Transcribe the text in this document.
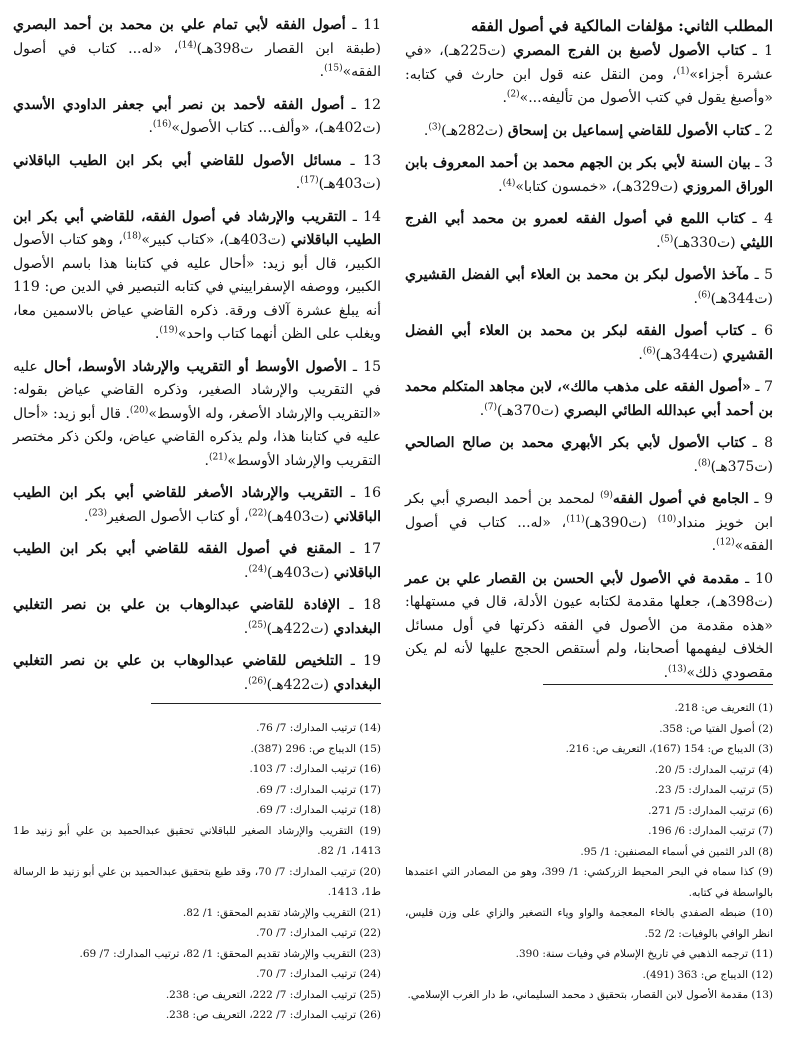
المطلب الثاني: مؤلفات المالكية في أصول الفقه

1 ـ كتاب الأصول لأصبغ بن الفرج المصري (ت225هـ)، «في عشرة أجزاء»$^{(1)}$، ومن النقل عنه قول ابن حارث في كتابه: «وأصبغ يقول في كتب الأصول من تأليفه...»$^{(2)}$.

2 ـ كتاب الأصول للقاضي إسماعيل بن إسحاق (ت282هـ)$^{(3)}$.

3 ـ بيان السنة لأبي بكر بن الجهم محمد بن أحمد المعروف بابن الوراق المروزي (ت329هـ)، «خمسون كتابا»$^{(4)}$.

4 ـ كتاب اللمع في أصول الفقه لعمرو بن محمد أبي الفرج الليثي (ت330هـ)$^{(5)}$.

5 ـ مآخذ الأصول لبكر بن محمد بن العلاء أبي الفضل القشيري (ت344هـ)$^{(6)}$.

6 ـ كتاب أصول الفقه لبكر بن محمد بن العلاء أبي الفضل القشيري (ت344هـ)$^{(6)}$.

7 ـ «أصول الفقه على مذهب مالك»، لابن مجاهد المتكلم محمد بن أحمد أبي عبدالله الطائي البصري (ت370هـ)$^{(7)}$.

8 ـ كتاب الأصول لأبي بكر الأبهري محمد بن صالح الصالحي (ت375هـ)$^{(8)}$.

9 ـ الجامع في أصول الفقه$^{(9)}$ لمحمد بن أحمد البصري أبي بكر ابن خويز منداد$^{(10)}$ (ت390هـ)$^{(11)}$، «له... كتاب في أصول الفقه»$^{(12)}$.

10 ـ مقدمة في الأصول لأبي الحسن بن القصار علي بن عمر (ت398هـ)، جعلها مقدمة لكتابه عيون الأدلة، قال في مستهلها: «هذه مقدمة من الأصول في الفقه ذكرتها في أول مسائل الخلاف ليفهمها أصحابنا، ولم أستقص الحجج عليها لأنه لم يكن مقصودي ذلك»$^{(13)}$.

11 ـ أصول الفقه لأبي تمام علي بن محمد بن أحمد البصري (طبقة ابن القصار ت398هـ)$^{(14)}$، «له... كتاب في أصول الفقه»$^{(15)}$.

12 ـ أصول الفقه لأحمد بن نصر أبي جعفر الداودي الأسدي (ت402هـ)، «وألف... كتاب الأصول»$^{(16)}$.

13 ـ مسائل الأصول للقاضي أبي بكر ابن الطيب الباقلاني (ت403هـ)$^{(17)}$.

14 ـ التقريب والإرشاد في أصول الفقه، للقاضي أبي بكر ابن الطيب الباقلاني (ت403هـ)، «كتاب كبير»$^{(18)}$، وهو كتاب الأصول الكبير، قال أبو زيد: «أحال عليه في كتابنا هذا باسم الأصول الكبير، ووصفه الإسفراييني في كتابه التبصير في الدين ص: 119 أنه يبلغ عشرة آلاف ورقة. ذكره القاضي عياض بالاسمين معا، ويغلب على الظن أنهما كتاب واحد»$^{(19)}$.

15 ـ الأصول الأوسط أو التقريب والإرشاد الأوسط، أحال عليه في التقريب والإرشاد الصغير، وذكره القاضي عياض بقوله: «التقريب والإرشاد الأصغر، وله الأوسط»$^{(20)}$. قال أبو زيد: «أحال عليه في كتابنا هذا، ولم يذكره القاضي عياض، ولكن ذكر مختصر التقريب والإرشاد الأوسط»$^{(21)}$.

16 ـ التقريب والإرشاد الأصغر للقاضي أبي بكر ابن الطيب الباقلاني (ت403هـ)$^{(22)}$، أو كتاب الأصول الصغير$^{(23)}$.

17 ـ المقنع في أصول الفقه للقاضي أبي بكر ابن الطيب الباقلاني (ت403هـ)$^{(24)}$.

18 ـ الإفادة للقاضي عبدالوهاب بن علي بن نصر التغلبي البغدادي (ت422هـ)$^{(25)}$.

19 ـ التلخيص للقاضي عبدالوهاب بن علي بن نصر التغلبي البغدادي (ت422هـ)$^{(26)}$.

(1) التعريف ص: 218.

(2) أصول الفتيا ص: 358.

(3) الديباج ص: 154 (167)، التعريف ص: 216.

(4) ترتيب المدارك: 5/ 20.

(5) ترتيب المدارك: 5/ 23.

(6) ترتيب المدارك: 5/ 271.

(7) ترتيب المدارك: 6/ 196.

(8) الدر الثمين في أسماء المصنفين: 1/ 95.

(9) كذا سماه في البحر المحيط الزركشي: 1/ 399، وهو من المصادر التي اعتمدها بالواسطة في كتابه.

(10) ضبطه الصفدي بالخاء المعجمة والواو وياء التصغير والزاي على وزن فليس، انظر الوافي بالوفيات: 2/ 52.

(11) ترجمه الذهبي في تاريخ الإسلام في وفيات سنة: 390.

(12) الديباج ص: 363 (491).

(13) مقدمة الأصول لابن القصار، بتحقيق د محمد السليماني، ط دار الغرب الإسلامي.

(14) ترتيب المدارك: 7/ 76.

(15) الديباج ص: 296 (387).

(16) ترتيب المدارك: 7/ 103.

(17) ترتيب المدارك: 7/ 69.

(18) ترتيب المدارك: 7/ 69.

(19) التقريب والإرشاد الصغير للباقلاني تحقيق عبدالحميد بن علي أبو زنيد ط1 1413، 1/ 82.

(20) ترتيب المدارك: 7/ 70، وقد طبع بتحقيق عبدالحميد بن علي أبو زنيد ط الرسالة ط1، 1413.

(21) التقريب والإرشاد تقديم المحقق: 1/ 82.

(22) ترتيب المدارك: 7/ 70.

(23) التقريب والإرشاد تقديم المحقق: 1/ 82، ترتيب المدارك: 7/ 69.

(24) ترتيب المدارك: 7/ 70.

(25) ترتيب المدارك: 7/ 222، التعريف ص: 238.

(26) ترتيب المدارك: 7/ 222، التعريف ص: 238.
